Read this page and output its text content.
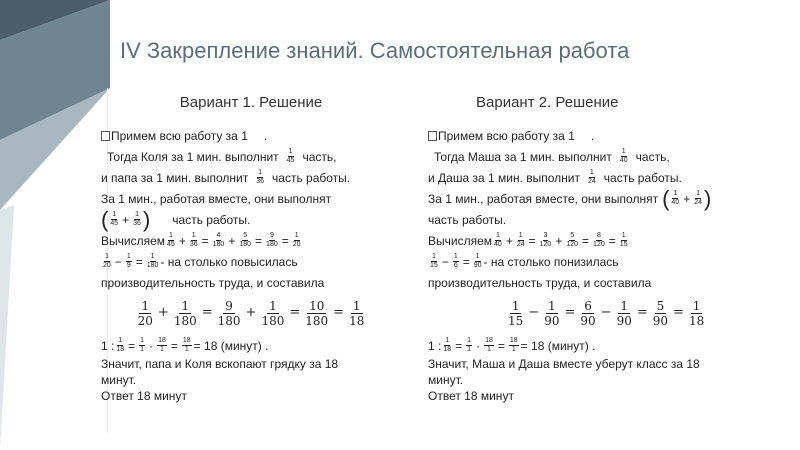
IV Закрепление знаний. Самостоятельная работа
Вариант 1. Решение
Примем всю работу за 1 .
Тогда Коля за 1 мин. выполнит 1
45 часть,
и папа за 1 мин. выполнит 1
36 часть работы.
За 1 мин., работая вместе, они выполнят
( 1
$45 + \frac{1}{36}$ ) часть работы.
Вычисляем 1
$45 + \frac{1}{36} = \frac{4}{180} + \frac{5}{180} = \frac{9}{180} = \frac{1}{20}$
1
$20 - \frac{1}{9} = \frac{1}{180}$ - на столько повысилась
производительность труда, и составила
1
20
+ $\frac{1}{180} = \frac{9}{180} + \frac{1}{180} = \frac{10}{180} = \frac{1}{18}$
1 : $\frac{1}{18} = \frac{1}{1} \cdot \frac{18}{1} = \frac{18}{1} = 18$ (минут) .
Значит, папа и Коля вскопают грядку за 18
минут.
Ответ 18 минут
Вариант 2. Решение
Примем всю работу за 1 .
Тогда Маша за 1 мин. выполнит 1
40 часть,
и Даша за 1 мин. выполнит 1
24 часть работы.
За 1 мин., работая вместе, они выполнят ( 1
$40 + \frac{1}{24}$ )
часть работы.
Вычисляем 1
$40 + \frac{1}{24} = \frac{3}{120} + \frac{5}{120} = \frac{8}{120} = \frac{1}{15}$
1
$15 - \frac{1}{6} = \frac{1}{90}$ - на столько понизилась
производительность труда, и составила
1
15
− $\frac{1}{90} = \frac{6}{90} - \frac{1}{90} = \frac{5}{90} = \frac{1}{18}$
1 : $\frac{1}{18} = \frac{1}{1} \cdot \frac{18}{1} = \frac{18}{1} = 18$ (минут) .
Значит, Маша и Даша вместе уберут класс за 18
минут.
Ответ 18 минут
